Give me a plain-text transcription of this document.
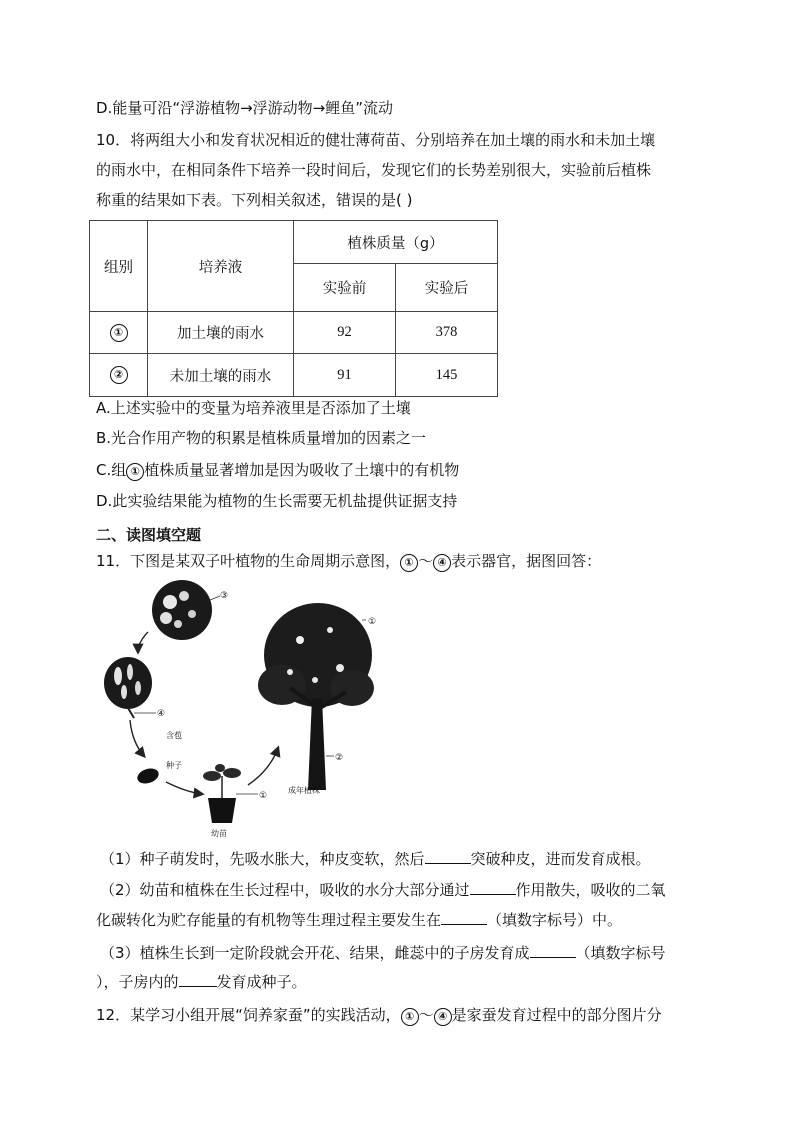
D.能量可沿“浮游植物→浮游动物→鲤鱼”流动
10．将两组大小和发育状况相近的健壮薄荷苗、分别培养在加土壤的雨水和未加土壤
的雨水中，在相同条件下培养一段时间后，发现它们的长势差别很大，实验前后植株
称重的结果如下表。下列相关叙述，错误的是( )
组别	培养液	植株质量（g）	
		实验前	实验后
①	加土壤的雨水	92	378
②	未加土壤的雨水	91	145
A.上述实验中的变量为培养液里是否添加了土壤
B.光合作用产物的积累是植株质量增加的因素之一
C.组 ① 植株质量显著增加是因为吸收了土壤中的有机物
D.此实验结果能为植物的生长需要无机盐提供证据支持
二、读图填空题
11．下图是某双子叶植物的生命周期示意图， ① ～ ④ 表示器官，据图回答：
③
④
含苞
种子
①
幼苗
①
②
成年植株
（1）种子萌发时，先吸水胀大，种皮变软，然后	突破种皮，进而发育成根。
（2）幼苗和植株在生长过程中，吸收的水分大部分通过	作用散失，吸收的二氧
化碳转化为贮存能量的有机物等生理过程主要发生在	（填数字标号）中。
（3）植株生长到一定阶段就会开花、结果，雌蕊中的子房发育成	（填数字标号
），子房内的	发育成种子。
12．某学习小组开展“饲养家蚕”的实践活动， ① ～ ④ 是家蚕发育过程中的部分图片分
